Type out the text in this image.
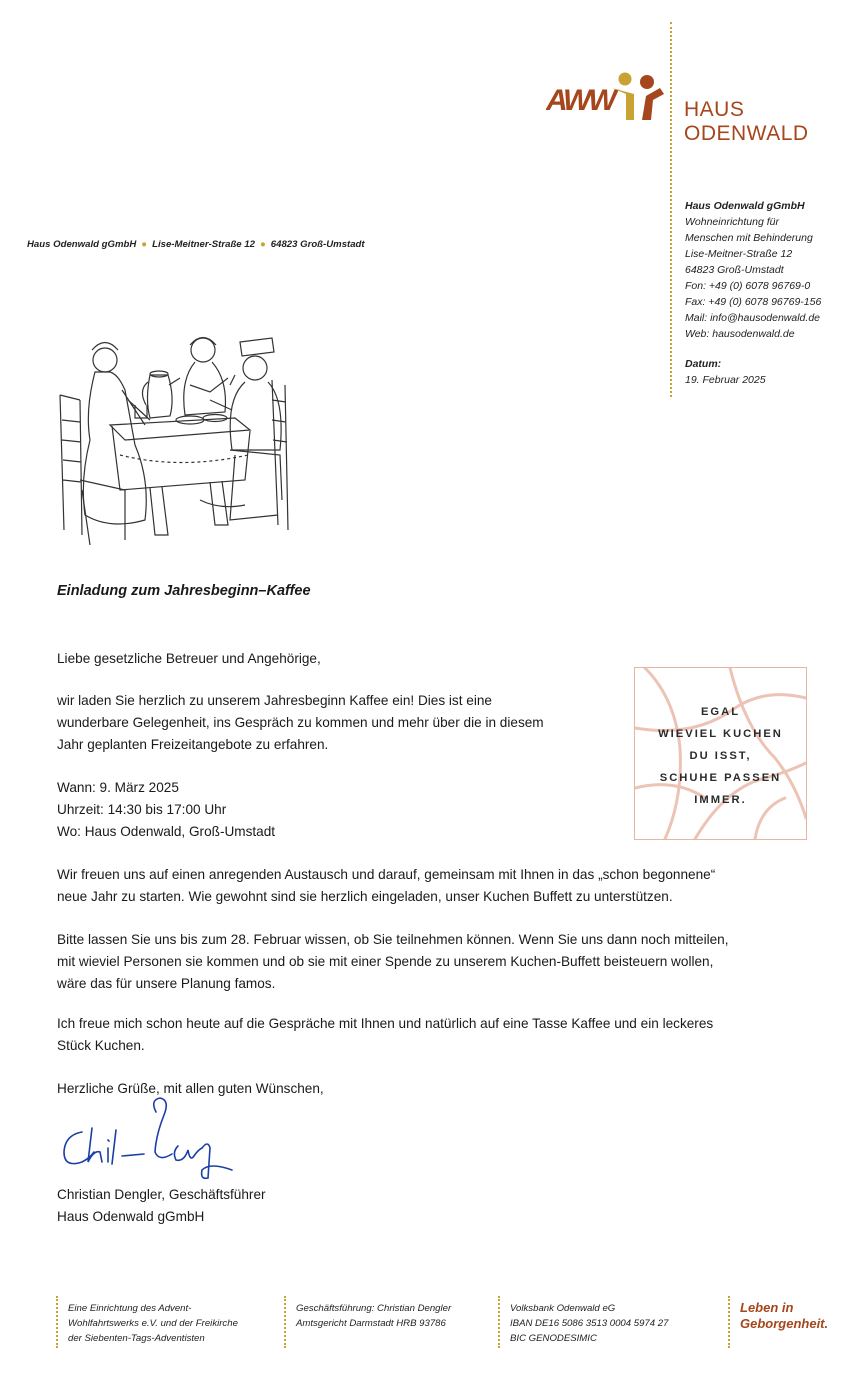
AWW	HAUS
ODENWALD
Haus Odenwald gGmbH
Wohneinrichtung für
Menschen mit Behinderung
Lise-Meitner-Straße 12
64823 Groß-Umstadt
Fon: +49 (0) 6078 96769-0
Fax: +49 (0) 6078 96769-156
Mail: info@hausodenwald.de
Web: hausodenwald.de
Datum:
19. Februar 2025
Haus Odenwald gGmbH ● Lise-Meitner-Straße 12 ● 64823 Groß-Umstadt
Einladung zum Jahresbeginn–Kaffee
Liebe gesetzliche Betreuer und Angehörige,
wir laden Sie herzlich zu unserem Jahresbeginn Kaffee ein! Dies ist eine
wunderbare Gelegenheit, ins Gespräch zu kommen und mehr über die in diesem
Jahr geplanten Freizeitangebote zu erfahren.
Wann: 9. März 2025
Uhrzeit: 14:30 bis 17:00 Uhr
Wo: Haus Odenwald, Groß-Umstadt
Wir freuen uns auf einen anregenden Austausch und darauf, gemeinsam mit Ihnen in das „schon begonnene“
neue Jahr zu starten. Wie gewohnt sind sie herzlich eingeladen, unser Kuchen Buffett zu unterstützen.
Bitte lassen Sie uns bis zum 28. Februar wissen, ob Sie teilnehmen können. Wenn Sie uns dann noch mitteilen,
mit wieviel Personen sie kommen und ob sie mit einer Spende zu unserem Kuchen-Buffett beisteuern wollen,
wäre das für unsere Planung famos.
Ich freue mich schon heute auf die Gespräche mit Ihnen und natürlich auf eine Tasse Kaffee und ein leckeres
Stück Kuchen.
Herzliche Grüße, mit allen guten Wünschen,
Christian Dengler, Geschäftsführer
Haus Odenwald gGmbH
EGAL
WIEVIEL KUCHEN
DU ISST,
SCHUHE PASSEN
IMMER.
Eine Einrichtung des Advent-
Wohlfahrtswerks e.V. und der Freikirche
der Siebenten-Tags-Adventisten
Geschäftsführung: Christian Dengler
Amtsgericht Darmstadt HRB 93786
Volksbank Odenwald eG
IBAN DE16 5086 3513 0004 5974 27
BIC GENODESIMIC
Leben in
Geborgenheit.
